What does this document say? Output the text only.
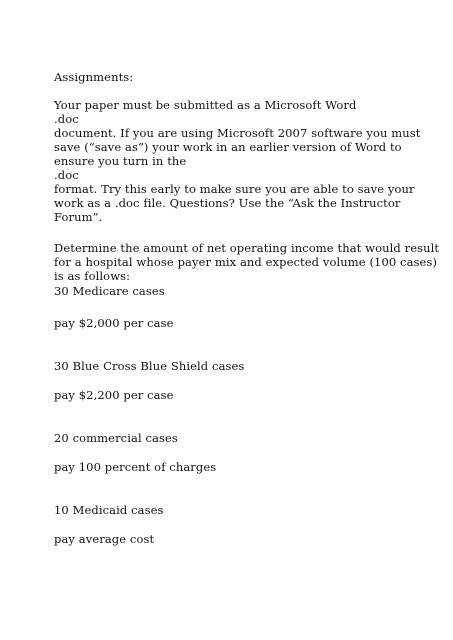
Assignments:
Your paper must be submitted as a Microsoft Word
.doc
document. If you are using Microsoft 2007 software you must
save (“save as”) your work in an earlier version of Word to
ensure you turn in the
.doc
format. Try this early to make sure you are able to save your
work as a .doc file. Questions? Use the “Ask the Instructor
Forum”.
Determine the amount of net operating income that would result
for a hospital whose payer mix and expected volume (100 cases)
is as follows:
30 Medicare cases
pay $2,000 per case
30 Blue Cross Blue Shield cases
pay $2,200 per case
20 commercial cases
pay 100 percent of charges
10 Medicaid cases
pay average cost
